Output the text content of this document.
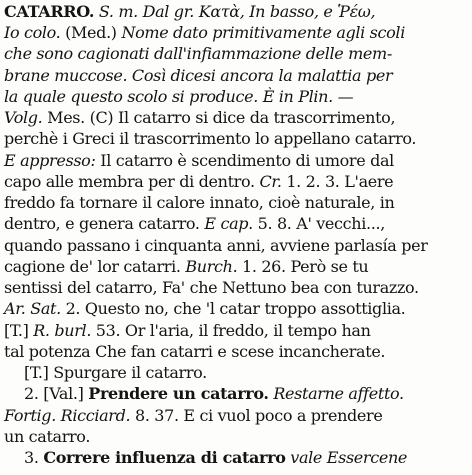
CATARRO. S. m. Dal gr. Κατὰ, In basso, e Ῥέω,

Io colo. (Med.) Nome dato primitivamente agli scoli

che sono cagionati dall'infiammazione delle mem-

brane muccose. Così dicesi ancora la malattia per

la quale questo scolo si produce. È in Plin. —

Volg. Mes. (C) Il catarro si dice da trascorrimento,

perchè i Greci il trascorrimento lo appellano catarro.

E appresso: Il catarro è scendimento di umore dal

capo alle membra per di dentro. Cr. 1. 2. 3. L'aere

freddo fa tornare il calore innato, cioè naturale, in

dentro, e genera catarro. E cap. 5. 8. A' vecchi...,

quando passano i cinquanta anni, avviene parlasía per

cagione de' lor catarri. Burch. 1. 26. Però se tu

sentissi del catarro, Fa' che Nettuno bea con turazzo.

Ar. Sat. 2. Questo no, che 'l catar troppo assottiglia.

[T.] R. burl. 53. Or l'aria, il freddo, il tempo han

tal potenza Che fan catarri e scese incancherate.

[T.] Spurgare il catarro.

2. [Val.] Prendere un catarro. Restarne affetto.

Fortig. Ricciard. 8. 37. E ci vuol poco a prendere

un catarro.

3. Correre influenza di catarro vale Essercene
